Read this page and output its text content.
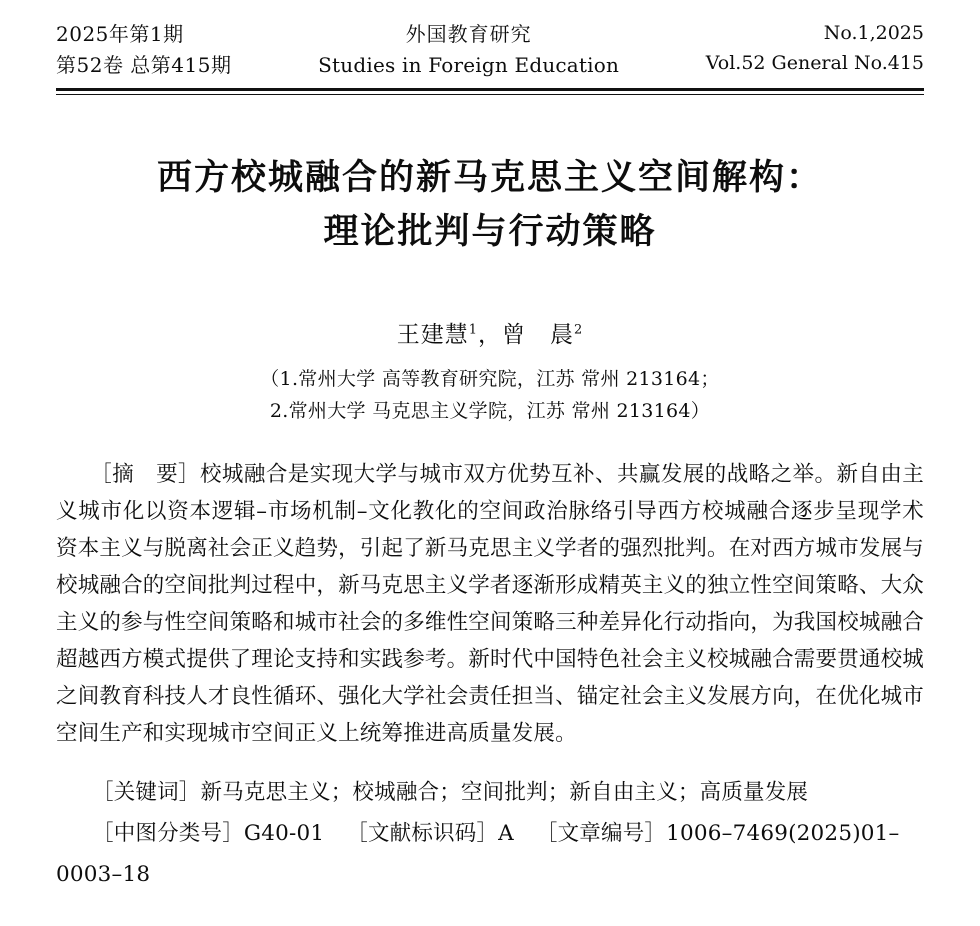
2025年第1期
第52卷 总第415期
外国教育研究
Studies in Foreign Education
No.1,2025
Vol.52 General No.415
西方校城融合的新马克思主义空间解构：
理论批判与行动策略
王建慧$^1$，曾　晨$^2$
（1.常州大学 高等教育研究院，江苏 常州 213164；
2.常州大学 马克思主义学院，江苏 常州 213164）
［摘　要］校城融合是实现大学与城市双方优势互补、共赢发展的战略之举。新自由主义城市化以资本逻辑–市场机制–文化教化的空间政治脉络引导西方校城融合逐步呈现学术资本主义与脱离社会正义趋势，引起了新马克思主义学者的强烈批判。在对西方城市发展与校城融合的空间批判过程中，新马克思主义学者逐渐形成精英主义的独立性空间策略、大众主义的参与性空间策略和城市社会的多维性空间策略三种差异化行动指向，为我国校城融合超越西方模式提供了理论支持和实践参考。新时代中国特色社会主义校城融合需要贯通校城之间教育科技人才良性循环、强化大学社会责任担当、锚定社会主义发展方向，在优化城市空间生产和实现城市空间正义上统筹推进高质量发展。
［关键词］新马克思主义；校城融合；空间批判；新自由主义；高质量发展
［中图分类号］G40-01 ［文献标识码］A ［文章编号］1006–7469(2025)01–0003–18
